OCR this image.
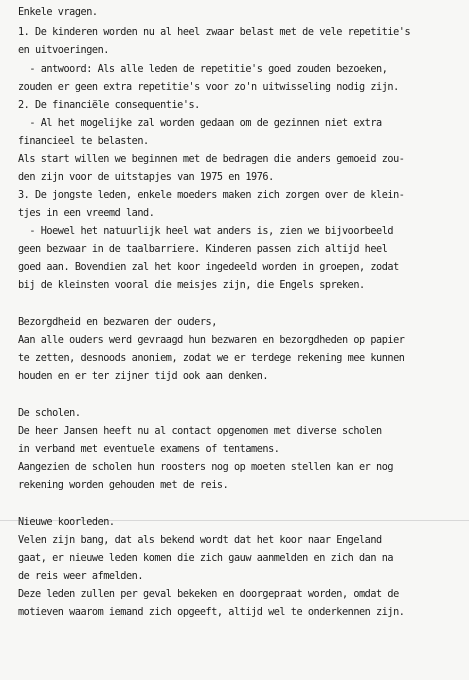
Enkele vragen.
1. De kinderen worden nu al heel zwaar belast met de vele repetitie's
en uitvoeringen.
- antwoord: Als alle leden de repetitie's goed zouden bezoeken,
zouden er geen extra repetitie's voor zo'n uitwisseling nodig zijn.
2. De financiële consequentie's.
- Al het mogelijke zal worden gedaan om de gezinnen niet extra
financieel te belasten.
Als start willen we beginnen met de bedragen die anders gemoeid zou-
den zijn voor de uitstapjes van 1975 en 1976.
3. De jongste leden, enkele moeders maken zich zorgen over de klein-
tjes in een vreemd land.
- Hoewel het natuurlijk heel wat anders is, zien we bijvoorbeeld
geen bezwaar in de taalbarriere. Kinderen passen zich altijd heel
goed aan. Bovendien zal het koor ingedeeld worden in groepen, zodat
bij de kleinsten vooral die meisjes zijn, die Engels spreken.
Bezorgdheid en bezwaren der ouders,
Aan alle ouders werd gevraagd hun bezwaren en bezorgdheden op papier
te zetten, desnoods anoniem, zodat we er terdege rekening mee kunnen
houden en er ter zijner tijd ook aan denken.
De scholen.
De heer Jansen heeft nu al contact opgenomen met diverse scholen
in verband met eventuele examens of tentamens.
Aangezien de scholen hun roosters nog op moeten stellen kan er nog
rekening worden gehouden met de reis.
Nieuwe koorleden.
Velen zijn bang, dat als bekend wordt dat het koor naar Engeland
gaat, er nieuwe leden komen die zich gauw aanmelden en zich dan na
de reis weer afmelden.
Deze leden zullen per geval bekeken en doorgepraat worden, omdat de
motieven waarom iemand zich opgeeft, altijd wel te onderkennen zijn.
